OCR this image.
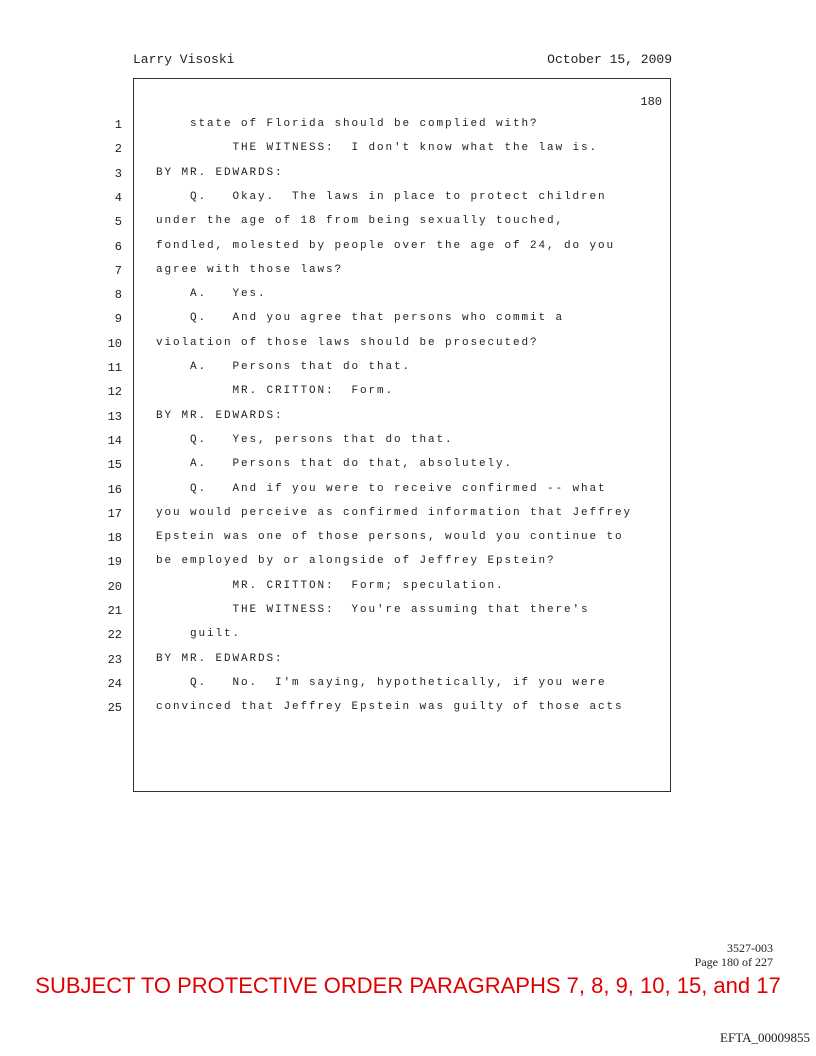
Larry Visoski	October 15, 2009
180
1	state of Florida should be complied with?
2	THE WITNESS:  I don't know what the law is.
3	BY MR. EDWARDS:
4	Q.   Okay.  The laws in place to protect children
5	under the age of 18 from being sexually touched,
6	fondled, molested by people over the age of 24, do you
7	agree with those laws?
8	A.   Yes.
9	Q.   And you agree that persons who commit a
10	violation of those laws should be prosecuted?
11	A.   Persons that do that.
12	MR. CRITTON:  Form.
13	BY MR. EDWARDS:
14	Q.   Yes, persons that do that.
15	A.   Persons that do that, absolutely.
16	Q.   And if you were to receive confirmed -- what
17	you would perceive as confirmed information that Jeffrey
18	Epstein was one of those persons, would you continue to
19	be employed by or alongside of Jeffrey Epstein?
20	MR. CRITTON:  Form; speculation.
21	THE WITNESS:  You're assuming that there's
22	guilt.
23	BY MR. EDWARDS:
24	Q.   No.  I'm saying, hypothetically, if you were
25	convinced that Jeffrey Epstein was guilty of those acts
3527-003
Page 180 of 227
SUBJECT TO PROTECTIVE ORDER PARAGRAPHS 7, 8, 9, 10, 15, and 17
EFTA_00009855
